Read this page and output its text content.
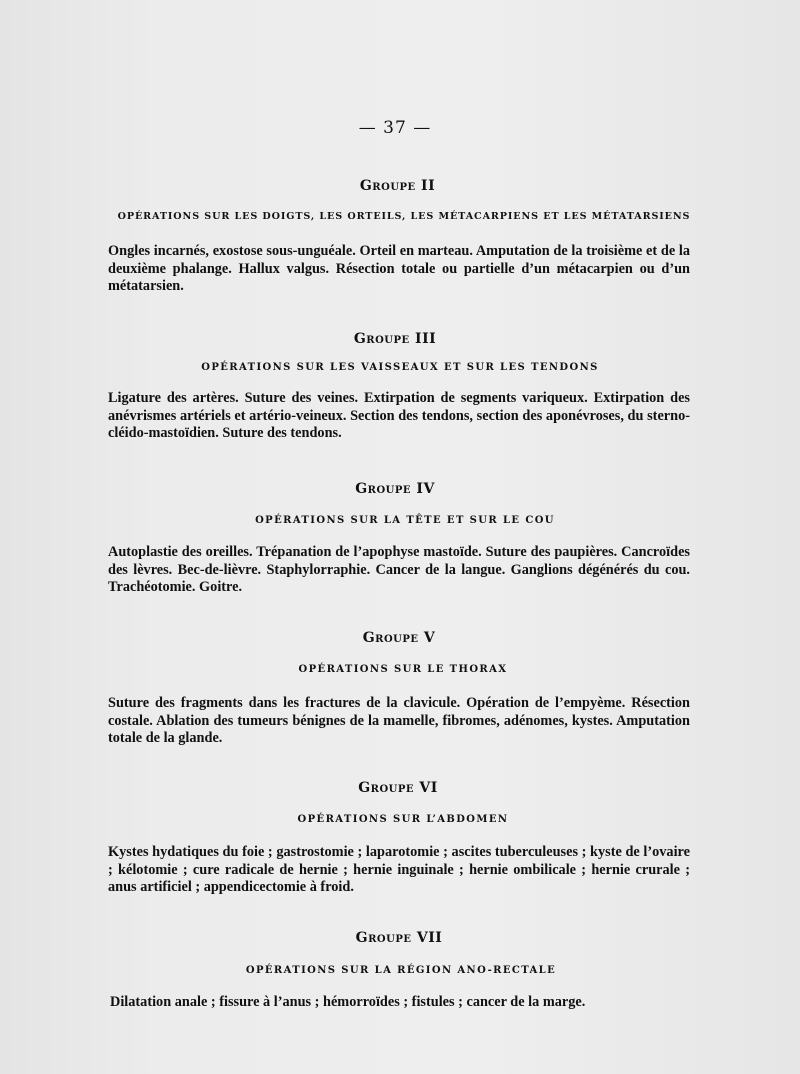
— 37 —

Groupe II

OPÉRATIONS SUR LES DOIGTS, LES ORTEILS, LES MÉTACARPIENS ET LES MÉTATARSIENS

Ongles incarnés, exostose sous-unguéale. Orteil en marteau. Amputation de la troisième et de la deuxième phalange. Hallux valgus. Résection totale ou partielle d’un métacarpien ou d’un métatarsien.

Groupe III

OPÉRATIONS SUR LES VAISSEAUX ET SUR LES TENDONS

Ligature des artères. Suture des veines. Extirpation de segments variqueux. Extirpation des anévrismes artériels et artério-veineux. Section des tendons, section des aponévroses, du sterno-cléido-mastoïdien. Suture des tendons.

Groupe IV

OPÉRATIONS SUR LA TÊTE ET SUR LE COU

Autoplastie des oreilles. Trépanation de l’apophyse mastoïde. Suture des paupières. Cancroïdes des lèvres. Bec-de-lièvre. Staphylorraphie. Cancer de la langue. Ganglions dégénérés du cou. Trachéotomie. Goitre.

Groupe V

OPÉRATIONS SUR LE THORAX

Suture des fragments dans les fractures de la clavicule. Opération de l’empyème. Résection costale. Ablation des tumeurs bénignes de la mamelle, fibromes, adénomes, kystes. Amputation totale de la glande.

Groupe VI

OPÉRATIONS SUR L’ABDOMEN

Kystes hydatiques du foie ; gastrostomie ; laparotomie ; ascites tuberculeuses ; kyste de l’ovaire ; kélotomie ; cure radicale de hernie ; hernie inguinale ; hernie ombilicale ; hernie crurale ; anus artificiel ; appendicectomie à froid.

Groupe VII

OPÉRATIONS SUR LA RÉGION ANO-RECTALE

Dilatation anale ; fissure à l’anus ; hémorroïdes ; fistules ; cancer de la marge.
